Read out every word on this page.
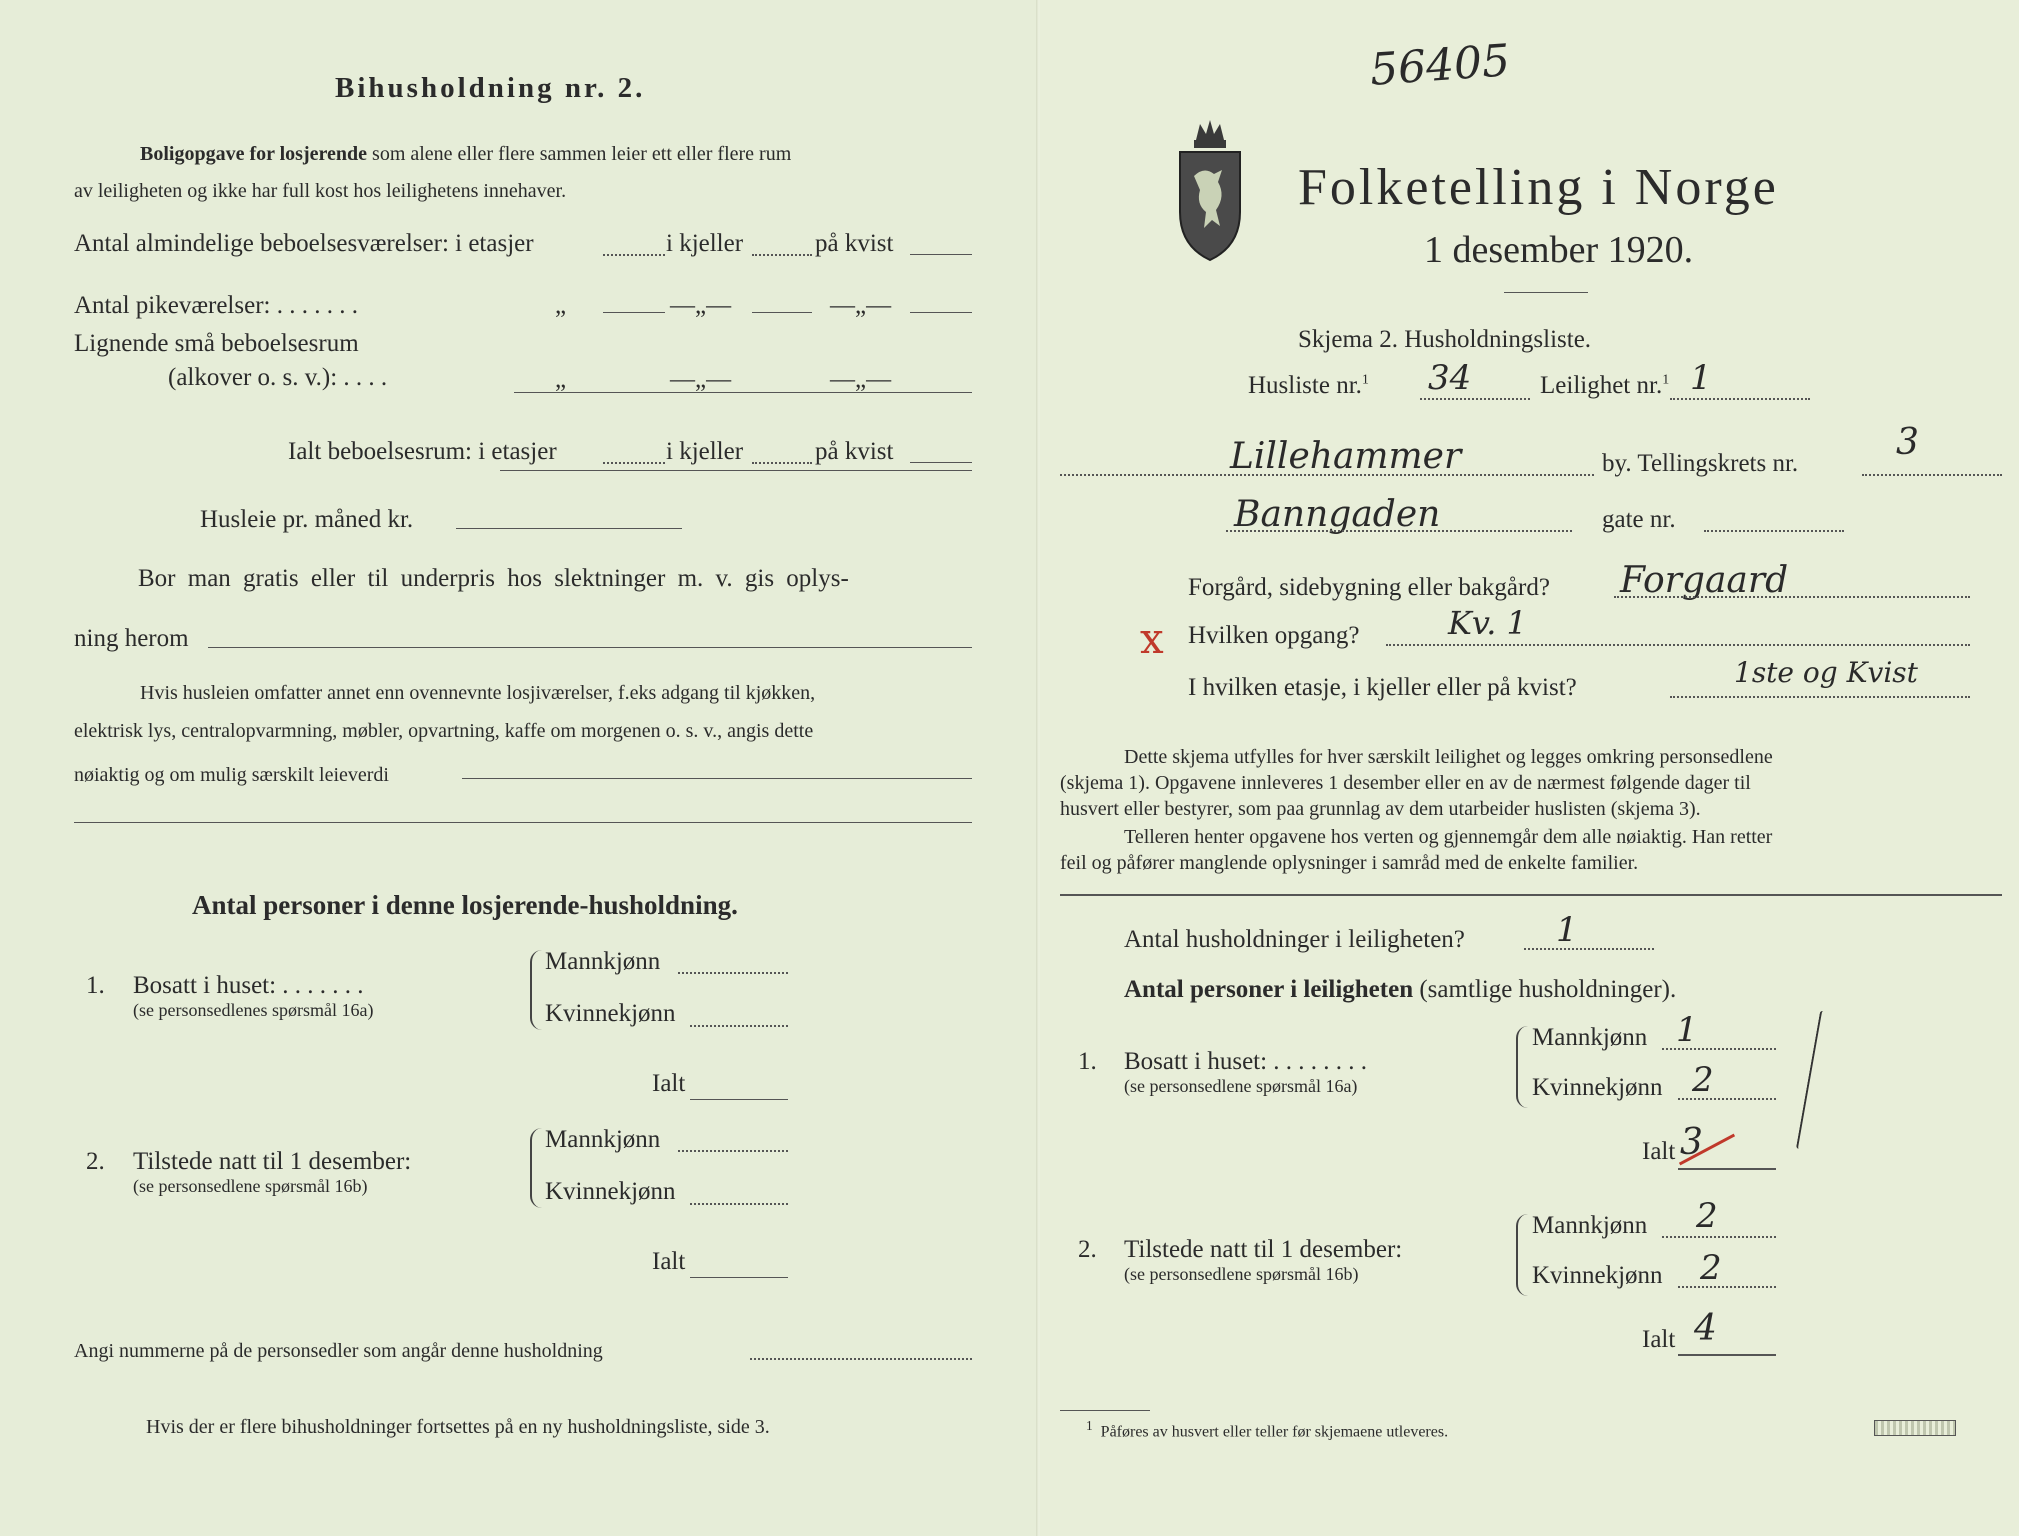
Bihusholdning nr. 2.
Boligopgave for losjerende som alene eller flere sammen leier ett eller flere rum
av leiligheten og ikke har full kost hos leilighetens innehaver.
Antal almindelige beboelsesværelser: i etasjer	i kjeller	på kvist
Antal pikeværelser: . . . . . . .	„	—„—	—„—
Lignende små beboelsesrum
(alkover o. s. v.): . . . .	„	—„—	—„—
Ialt beboelsesrum: i etasjer	i kjeller	på kvist
Husleie pr. måned kr.
Bor man gratis eller til underpris hos slektninger m. v. gis oplys-
ning herom
Hvis husleien omfatter annet enn ovennevnte losjiværelser, f.eks adgang til kjøkken,
elektrisk lys, centralopvarmning, møbler, opvartning, kaffe om morgenen o. s. v., angis dette
nøiaktig og om mulig særskilt leieverdi
Antal personer i denne losjerende-husholdning.
1. Bosatt i huset: . . . . . . .
(se personsedlenes spørsmål 16a)
Mannkjønn
Kvinnekjønn
Ialt
2. Tilstede natt til 1 desember:
(se personsedlene spørsmål 16b)
Mannkjønn
Kvinnekjønn
Ialt
Angi nummerne på de personsedler som angår denne husholdning
Hvis der er flere bihusholdninger fortsettes på en ny husholdningsliste, side 3.
56405
Folketelling i Norge
1 desember 1920.
Skjema 2. Husholdningsliste.
Husliste nr.$^1$ 34	Leilighet nr.$^1$ 1
Lillehammer	by. Tellingskrets nr.
3
Banngaden	gate nr.
Forgård, sidebygning eller bakgård? Forgaard
x Hvilken opgang?	Kv. 1
I hvilken etasje, i kjeller eller på kvist?	1ste og Kvist
Dette skjema utfylles for hver særskilt leilighet og legges omkring personsedlene
(skjema 1). Opgavene innleveres 1 desember eller en av de nærmest følgende dager til
husvert eller bestyrer, som paa grunnlag av dem utarbeider huslisten (skjema 3).
Telleren henter opgavene hos verten og gjennemgår dem alle nøiaktig. Han retter
feil og påfører manglende oplysninger i samråd med de enkelte familier.
Antal husholdninger i leiligheten?	1
Antal personer i leiligheten (samtlige husholdninger).
1. Bosatt i huset: . . . . . . . .
(se personsedlene spørsmål 16a)
Mannkjønn 1
Kvinnekjønn 2
Ialt 3
2. Tilstede natt til 1 desember:
(se personsedlene spørsmål 16b)
Mannkjønn 2
Kvinnekjønn 2
Ialt 4
$^1$ Påføres av husvert eller teller før skjemaene utleveres.
